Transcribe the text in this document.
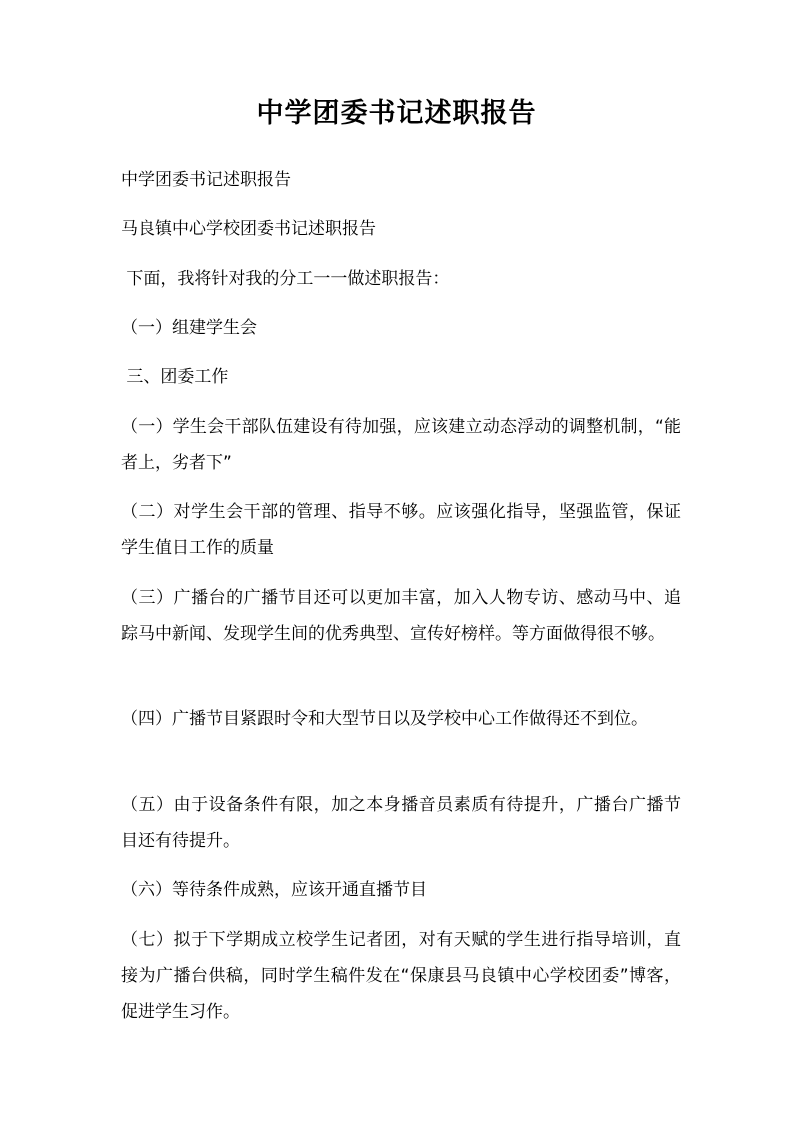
中学团委书记述职报告

中学团委书记述职报告

马良镇中心学校团委书记述职报告

下面，我将针对我的分工一一做述职报告：

（一）组建学生会

三、团委工作

（一）学生会干部队伍建设有待加强，应该建立动态浮动的调整机制，“能者上，劣者下”

（二）对学生会干部的管理、指导不够。应该强化指导，坚强监管，保证学生值日工作的质量

（三）广播台的广播节目还可以更加丰富，加入人物专访、感动马中、追踪马中新闻、发现学生间的优秀典型、宣传好榜样。等方面做得很不够。

（四）广播节目紧跟时令和大型节日以及学校中心工作做得还不到位。

（五）由于设备条件有限，加之本身播音员素质有待提升，广播台广播节目还有待提升。

（六）等待条件成熟，应该开通直播节目

（七）拟于下学期成立校学生记者团，对有天赋的学生进行指导培训，直接为广播台供稿，同时学生稿件发在“保康县马良镇中心学校团委”博客，促进学生习作。
